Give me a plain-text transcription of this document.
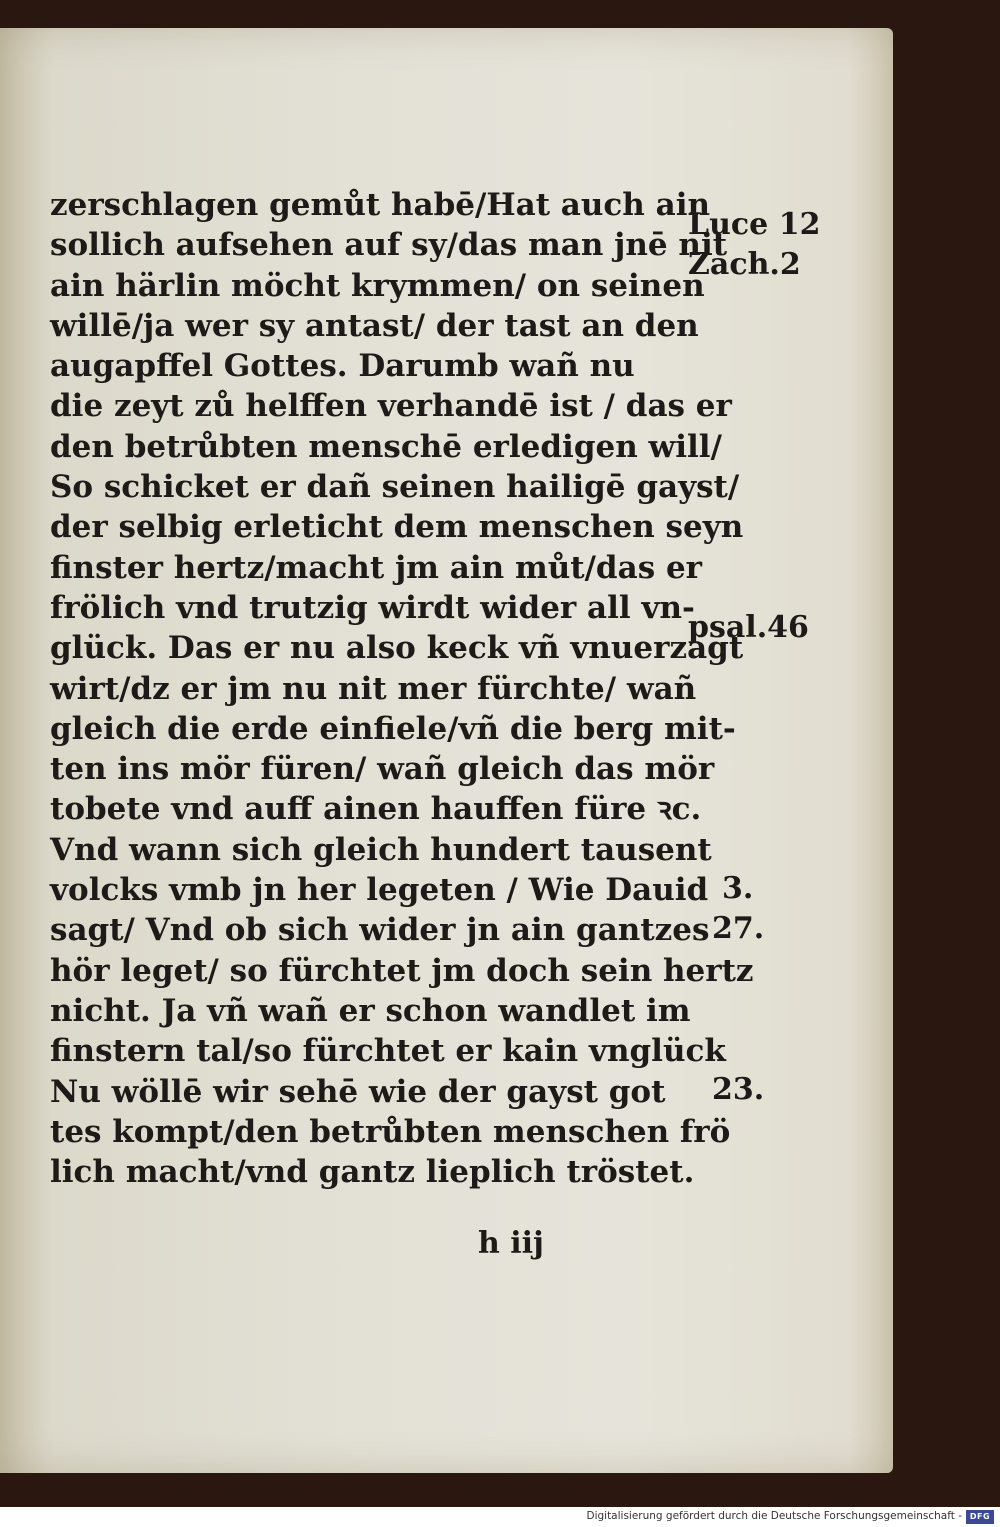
zerschlagen gemůt habē/Hat auch ain
sollich aufsehen auf sy/das man jnē nit
ain härlin möcht krymmen/ on seinen
willē/ja wer sy antast/ der tast an den
augapffel Gottes. Darumb wañ nu
die zeyt zů helffen verhandē ist / das er
den betrůbten menschē erledigen will/
So schicket er dañ seinen hailigē gayst/
der selbig erleticht dem menschen seyn
finster hertz/macht jm ain můt/das er
frölich vnd trutzig wirdt wider all vn-
glück. Das er nu also keck vñ vnuerzagt
wirt/dz er jm nu nit mer fürchte/ wañ
gleich die erde einfiele/vñ die berg mit-
ten ins mör füren/ wañ gleich das mör
tobete vnd auff ainen hauffen füre ꝛc.
Vnd wann sich gleich hundert tausent
volcks vmb jn her legeten / Wie Dauid
sagt/ Vnd ob sich wider jn ain gantzes
hör leget/ so fürchtet jm doch sein hertz
nicht. Ja vñ wañ er schon wandlet im
finstern tal/so fürchtet er kain vnglück
Nu wöllē wir sehē wie der gayst got
tes kompt/den betrůbten menschen frö
lich macht/vnd gantz lieplich tröstet.
Luce 12
Zach.2
psal.46
3.
27.
23.
h iij
Digitalisierung gefördert durch die Deutsche Forschungsgemeinschaft - DFG
